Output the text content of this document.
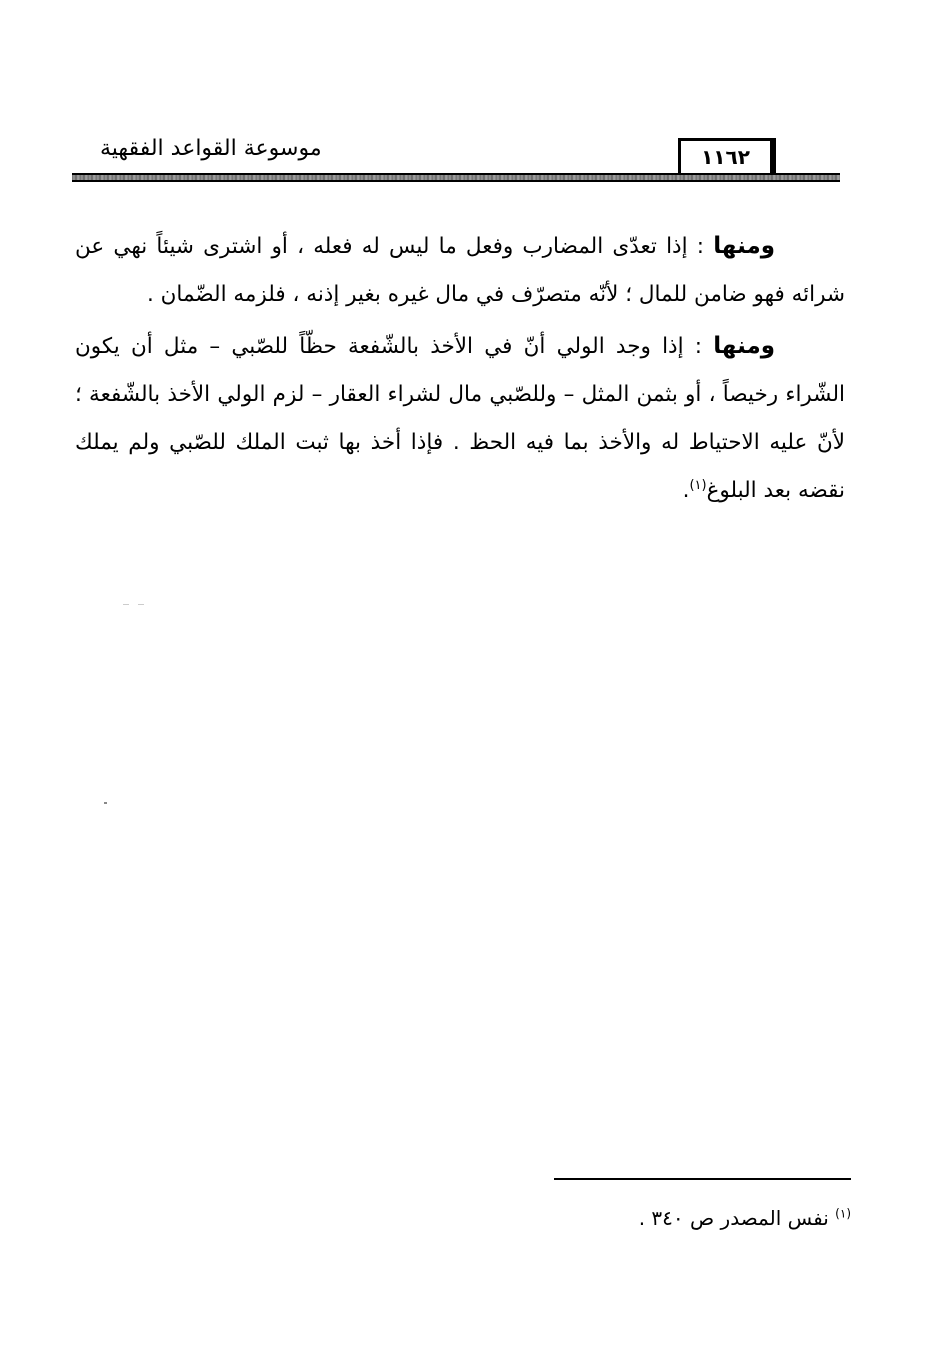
١١٦٢
موسوعة القواعد الفقهية

ومنها : إذا تعدّى المضارب وفعل ما ليس له فعله ، أو اشترى شيئاً نهي عن شرائه فهو ضامن للمال ؛ لأنّه متصرّف في مال غيره بغير إذنه ، فلزمه الضّمان .

ومنها : إذا وجد الولي أنّ في الأخذ بالشّفعة حظّاً للصّبي – مثل أن يكون الشّراء رخيصاً ، أو بثمن المثل – وللصّبي مال لشراء العقار – لزم الولي الأخذ بالشّفعة ؛ لأنّ عليه الاحتياط له والأخذ بما فيه الحظ . فإذا أخذ بها ثبت الملك للصّبي ولم يملك نقضه بعد البلوغ$^{(١)}$.

$^{(١)}$ نفس المصدر ص ٣٤٠ .
